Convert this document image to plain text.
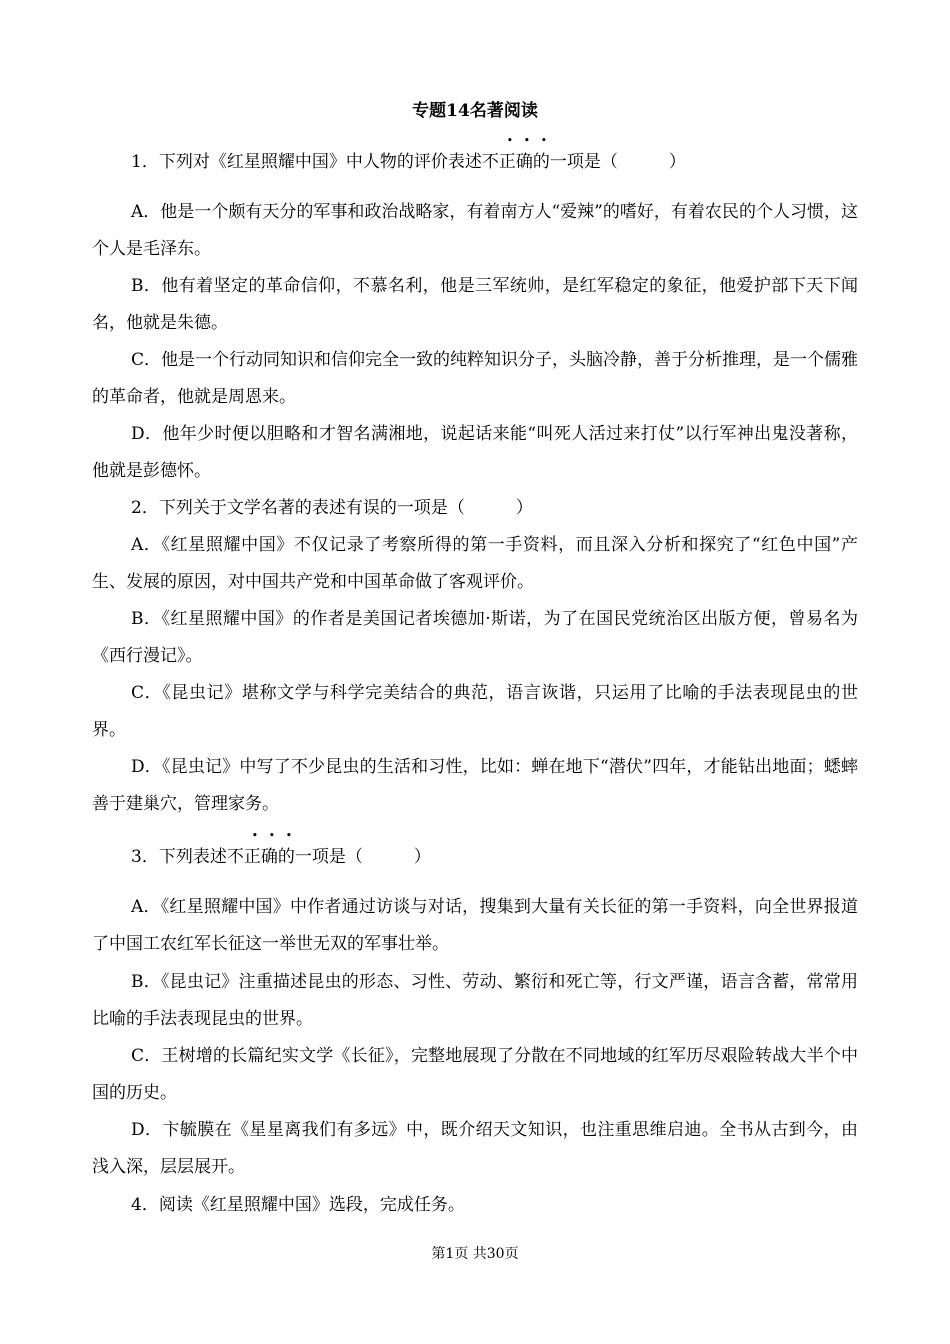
专题14名著阅读
1．下列对《红星照耀中国》中人物的评价表述不正确的一项是（　　　）
A．他是一个颇有天分的军事和政治战略家，有着南方人“爱辣”的嗜好，有着农民的个人习惯，这个人是毛泽东。
B．他有着坚定的革命信仰，不慕名利，他是三军统帅，是红军稳定的象征，他爱护部下天下闻名，他就是朱德。
C．他是一个行动同知识和信仰完全一致的纯粹知识分子，头脑冷静，善于分析推理，是一个儒雅的革命者，他就是周恩来。
D．他年少时便以胆略和才智名满湘地，说起话来能“叫死人活过来打仗”以行军神出鬼没著称，他就是彭德怀。
2．下列关于文学名著的表述有误的一项是（　　　）
A．《红星照耀中国》不仅记录了考察所得的第一手资料，而且深入分析和探究了“红色中国”产生、发展的原因，对中国共产党和中国革命做了客观评价。
B．《红星照耀中国》的作者是美国记者埃德加·斯诺，为了在国民党统治区出版方便，曾易名为《西行漫记》。
C．《昆虫记》堪称文学与科学完美结合的典范，语言诙谐，只运用了比喻的手法表现昆虫的世界。
D．《昆虫记》中写了不少昆虫的生活和习性，比如：蝉在地下“潜伏”四年，才能钻出地面；蟋蟀善于建巢穴，管理家务。
3．下列表述不正确的一项是（　　　）
A．《红星照耀中国》中作者通过访谈与对话，搜集到大量有关长征的第一手资料，向全世界报道了中国工农红军长征这一举世无双的军事壮举。
B．《昆虫记》注重描述昆虫的形态、习性、劳动、繁衍和死亡等，行文严谨，语言含蓄，常常用比喻的手法表现昆虫的世界。
C．王树增的长篇纪实文学《长征》，完整地展现了分散在不同地域的红军历尽艰险转战大半个中国的历史。
D．卞毓膜在《星星离我们有多远》中，既介绍天文知识，也注重思维启迪。全书从古到今，由浅入深，层层展开。
4．阅读《红星照耀中国》选段，完成任务。
第1页 共30页
